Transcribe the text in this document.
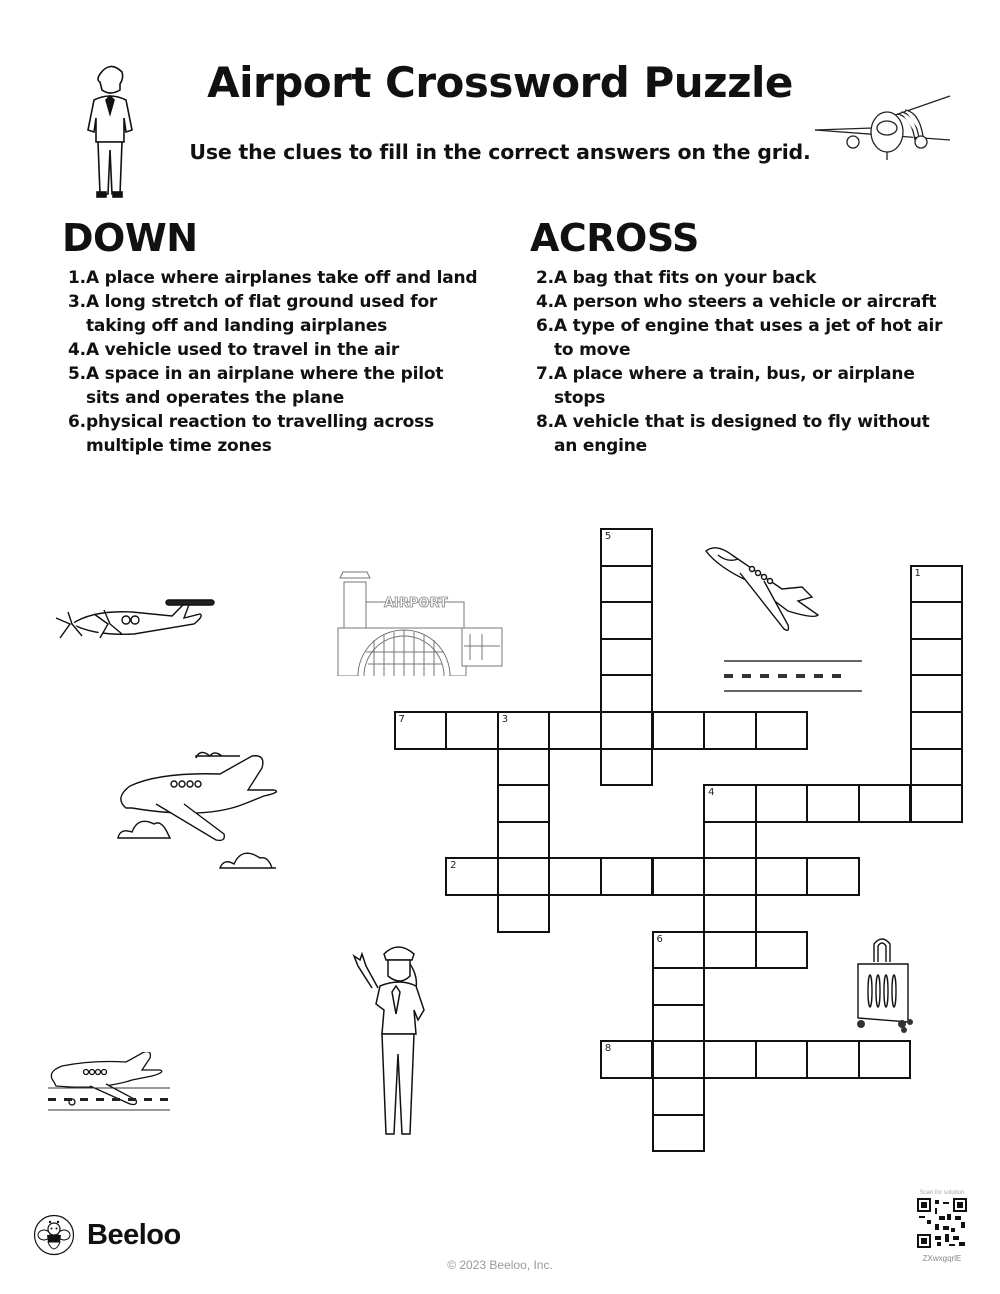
Airport Crossword Puzzle
Use the clues to fill in the correct answers on the grid.
DOWN
1. A place where airplanes take off and land
3. A long stretch of flat ground used for taking off and landing airplanes
4. A vehicle used to travel in the air
5. A space in an airplane where the pilot sits and operates the plane
6. physical reaction to travelling across multiple time zones
ACROSS
2. A bag that fits on your back
4. A person who steers a vehicle or aircraft
6. A type of engine that uses a jet of hot air to move
7. A place where a train, bus, or airplane stops
8. A vehicle that is designed to fly without an engine
AIRPORT
5
1
7	3
4
2
6
8
Beeloo
© 2023 Beeloo, Inc.
Scan for solution
ZXwxgqrlE
